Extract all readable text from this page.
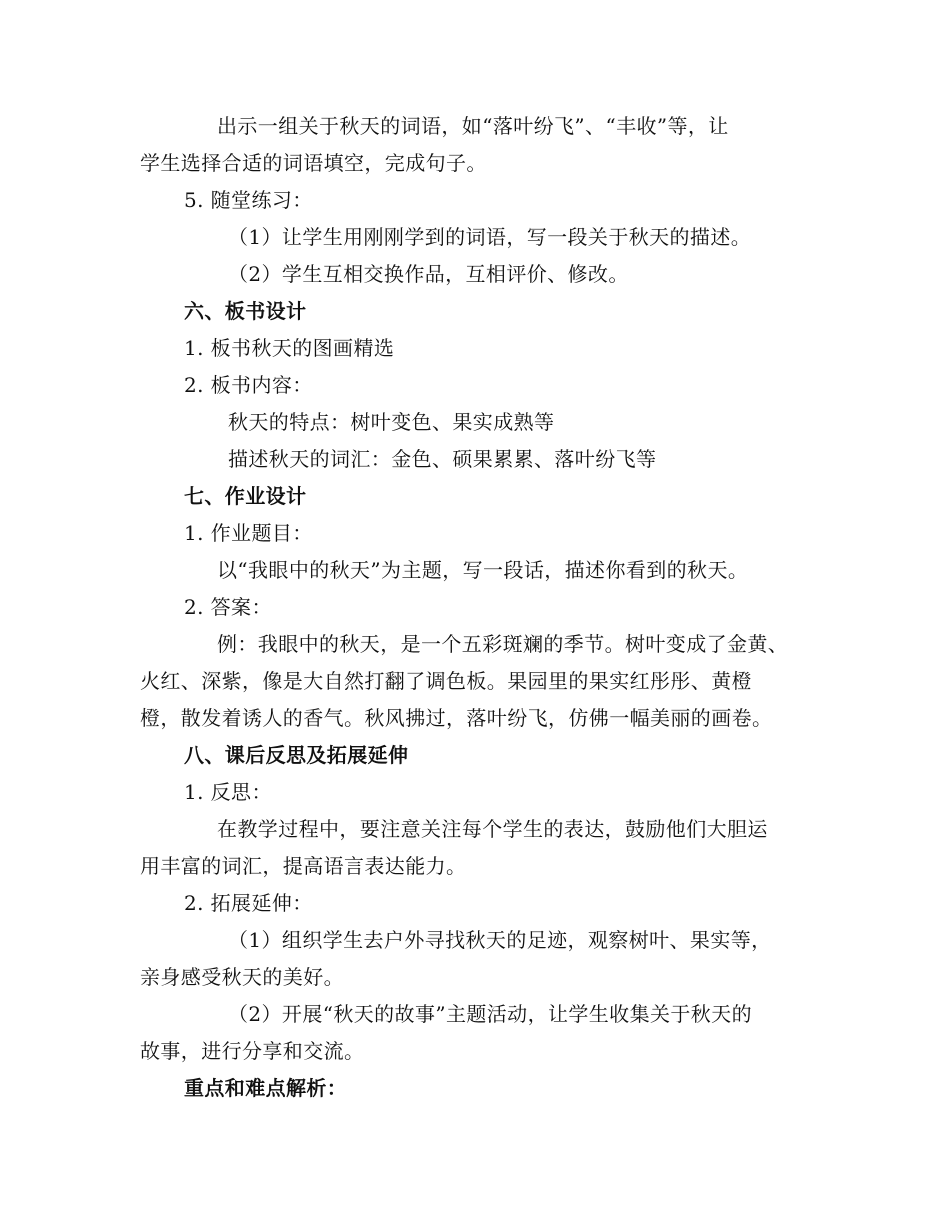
出示一组关于秋天的词语，如“落叶纷飞”、“丰收”等，让
学生选择合适的词语填空，完成句子。
5. 随堂练习：
（1）让学生用刚刚学到的词语，写一段关于秋天的描述。
（2）学生互相交换作品，互相评价、修改。
六、板书设计
1. 板书秋天的图画精选
2. 板书内容：
秋天的特点：树叶变色、果实成熟等
描述秋天的词汇：金色、硕果累累、落叶纷飞等
七、作业设计
1. 作业题目：
以“我眼中的秋天”为主题，写一段话，描述你看到的秋天。
2. 答案：
例：我眼中的秋天，是一个五彩斑斓的季节。树叶变成了金黄、
火红、深紫，像是大自然打翻了调色板。果园里的果实红彤彤、黄橙
橙，散发着诱人的香气。秋风拂过，落叶纷飞，仿佛一幅美丽的画卷。
八、课后反思及拓展延伸
1. 反思：
在教学过程中，要注意关注每个学生的表达，鼓励他们大胆运
用丰富的词汇，提高语言表达能力。
2. 拓展延伸：
（1）组织学生去户外寻找秋天的足迹，观察树叶、果实等，
亲身感受秋天的美好。
（2）开展“秋天的故事”主题活动，让学生收集关于秋天的
故事，进行分享和交流。
重点和难点解析：
